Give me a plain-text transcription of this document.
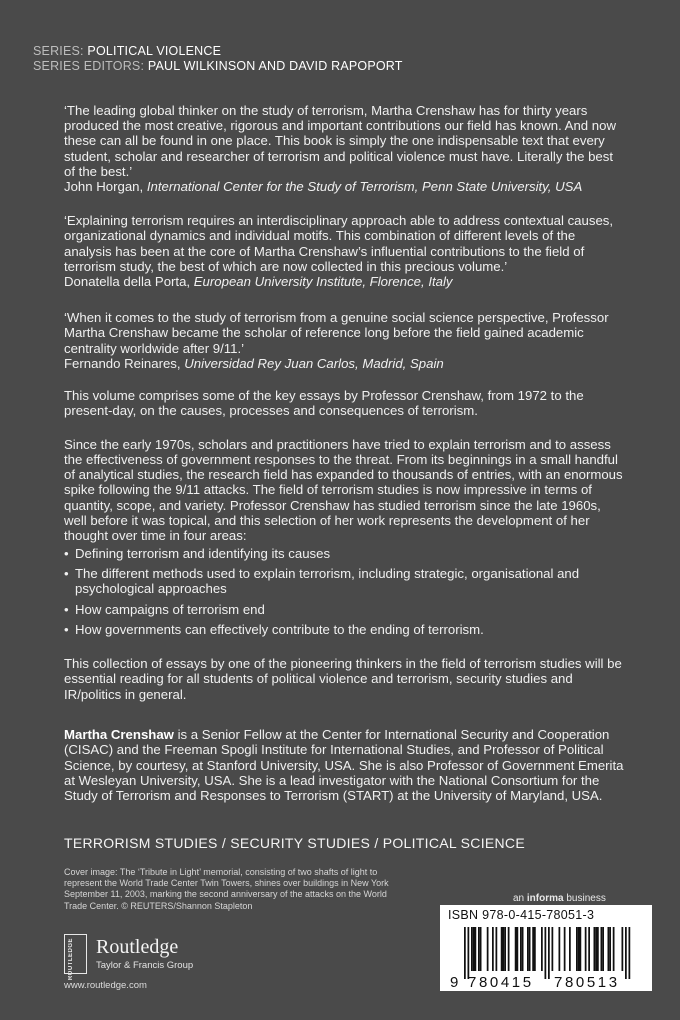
SERIES: POLITICAL VIOLENCE
SERIES EDITORS: PAUL WILKINSON AND DAVID RAPOPORT
‘The leading global thinker on the study of terrorism, Martha Crenshaw has for thirty years produced the most creative, rigorous and important contributions our field has known. And now these can all be found in one place. This book is simply the one indispensable text that every student, scholar and researcher of terrorism and political violence must have. Literally the best of the best.’
John Horgan, International Center for the Study of Terrorism, Penn State University, USA
‘Explaining terrorism requires an interdisciplinary approach able to address contextual causes, organizational dynamics and individual motifs. This combination of different levels of the analysis has been at the core of Martha Crenshaw’s influential contributions to the field of terrorism study, the best of which are now collected in this precious volume.’
Donatella della Porta, European University Institute, Florence, Italy
‘When it comes to the study of terrorism from a genuine social science perspective, Professor Martha Crenshaw became the scholar of reference long before the field gained academic centrality worldwide after 9/11.’
Fernando Reinares, Universidad Rey Juan Carlos, Madrid, Spain

This volume comprises some of the key essays by Professor Crenshaw, from 1972 to the present-day, on the causes, processes and consequences of terrorism.

Since the early 1970s, scholars and practitioners have tried to explain terrorism and to assess the effectiveness of government responses to the threat. From its beginnings in a small handful of analytical studies, the research field has expanded to thousands of entries, with an enormous spike following the 9/11 attacks. The field of terrorism studies is now impressive in terms of quantity, scope, and variety. Professor Crenshaw has studied terrorism since the late 1960s, well before it was topical, and this selection of her work represents the development of her thought over time in four areas:

• Defining terrorism and identifying its causes
• The different methods used to explain terrorism, including strategic, organisational and psychological approaches
• How campaigns of terrorism end
• How governments can effectively contribute to the ending of terrorism.

This collection of essays by one of the pioneering thinkers in the field of terrorism studies will be essential reading for all students of political violence and terrorism, security studies and IR/politics in general.

Martha Crenshaw is a Senior Fellow at the Center for International Security and Cooperation (CISAC) and the Freeman Spogli Institute for International Studies, and Professor of Political Science, by courtesy, at Stanford University, USA. She is also Professor of Government Emerita at Wesleyan University, USA. She is a lead investigator with the National Consortium for the Study of Terrorism and Responses to Terrorism (START) at the University of Maryland, USA.
TERRORISM STUDIES / SECURITY STUDIES / POLITICAL SCIENCE
Cover image: The ‘Tribute in Light’ memorial, consisting of two shafts of light to represent the World Trade Center Twin Towers, shines over buildings in New York September 11, 2003, marking the second anniversary of the attacks on the World Trade Center. © REUTERS/Shannon Stapleton
an informa business
ISBN 978-0-415-78051-3
9 780415 780513
ROUTLEDGE	Routledge
Taylor & Francis Group
www.routledge.com
